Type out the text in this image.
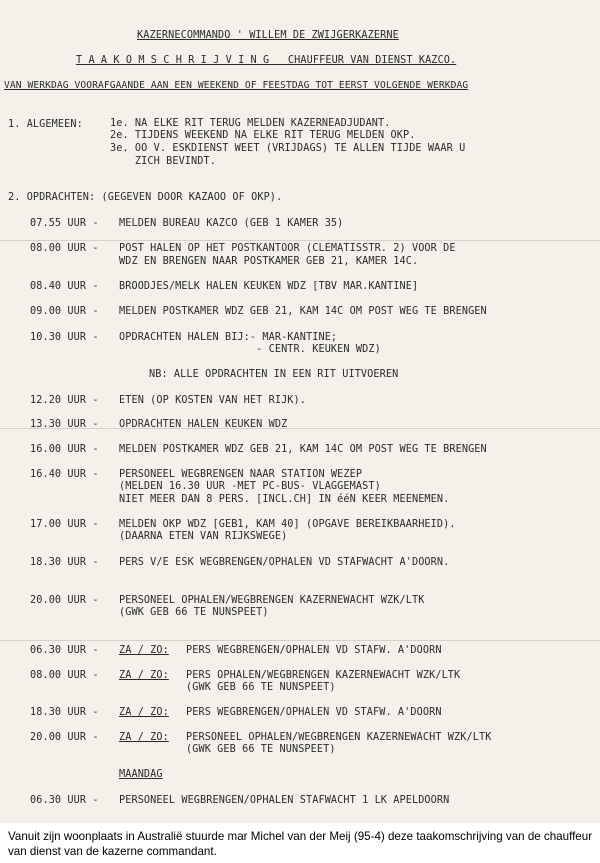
KAZERNECOMMANDO ' WILLEM DE ZWIJGERKAZERNE
T A A K O M S C H R I J V I N G   CHAUFFEUR VAN DIENST KAZCO.
VAN WERKDAG VOORAFGAANDE AAN EEN WEEKEND OF FEESTDAG TOT EERST VOLGENDE WERKDAG
1. ALGEMEEN:	1e. NA ELKE RIT TERUG MELDEN KAZERNEADJUDANT.
2e. TIJDENS WEEKEND NA ELKE RIT TERUG MELDEN OKP.
3e. OO V. ESKDIENST WEET (VRIJDAGS) TE ALLEN TIJDE WAAR U
ZICH BEVINDT.
2. OPDRACHTEN: (GEGEVEN DOOR KAZAOO OF OKP).
07.55 UUR - MELDEN BUREAU KAZCO (GEB 1 KAMER 35)
08.00 UUR - POST HALEN OP HET POSTKANTOOR (CLEMATISSTR. 2) VOOR DE
WDZ EN BRENGEN NAAR POSTKAMER GEB 21, KAMER 14C.
08.40 UUR - BROODJES/MELK HALEN KEUKEN WDZ [TBV MAR.KANTINE]
09.00 UUR - MELDEN POSTKAMER WDZ GEB 21, KAM 14C OM POST WEG TE BRENGEN
10.30 UUR - OPDRACHTEN HALEN BIJ:- MAR-KANTINE;
- CENTR. KEUKEN WDZ)
NB: ALLE OPDRACHTEN IN EEN RIT UITVOEREN
12.20 UUR - ETEN (OP KOSTEN VAN HET RIJK).
13.30 UUR - OPDRACHTEN HALEN KEUKEN WDZ
16.00 UUR - MELDEN POSTKAMER WDZ GEB 21, KAM 14C OM POST WEG TE BRENGEN
16.40 UUR - PERSONEEL WEGBRENGEN NAAR STATION WEZEP
(MELDEN 16.30 UUR -MET PC-BUS- VLAGGEMAST)
NIET MEER DAN 8 PERS. [INCL.CH] IN ééN KEER MEENEMEN.
17.00 UUR - MELDEN OKP WDZ [GEB1, KAM 40] (OPGAVE BEREIKBAARHEID).
(DAARNA ETEN VAN RIJKSWEGE)
18.30 UUR - PERS V/E ESK WEGBRENGEN/OPHALEN VD STAFWACHT A'DOORN.
20.00 UUR - PERSONEEL OPHALEN/WEGBRENGEN KAZERNEWACHT WZK/LTK
(GWK GEB 66 TE NUNSPEET)
06.30 UUR - ZA / ZO: PERS WEGBRENGEN/OPHALEN VD STAFW. A'DOORN
08.00 UUR - ZA / ZO: PERS OPHALEN/WEGBRENGEN KAZERNEWACHT WZK/LTK
(GWK GEB 66 TE NUNSPEET)
18.30 UUR - ZA / ZO: PERS WEGBRENGEN/OPHALEN VD STAFW. A'DOORN
20.00 UUR - ZA / ZO: PERSONEEL OPHALEN/WEGBRENGEN KAZERNEWACHT WZK/LTK
(GWK GEB 66 TE NUNSPEET)
MAANDAG
06.30 UUR - PERSONEEL WEGBRENGEN/OPHALEN STAFWACHT 1 LK APELDOORN
Vanuit zijn woonplaats in Australië stuurde mar Michel van der Meij (95-4) deze taakomschrijving van de chauffeur van dienst van de kazerne commandant.
